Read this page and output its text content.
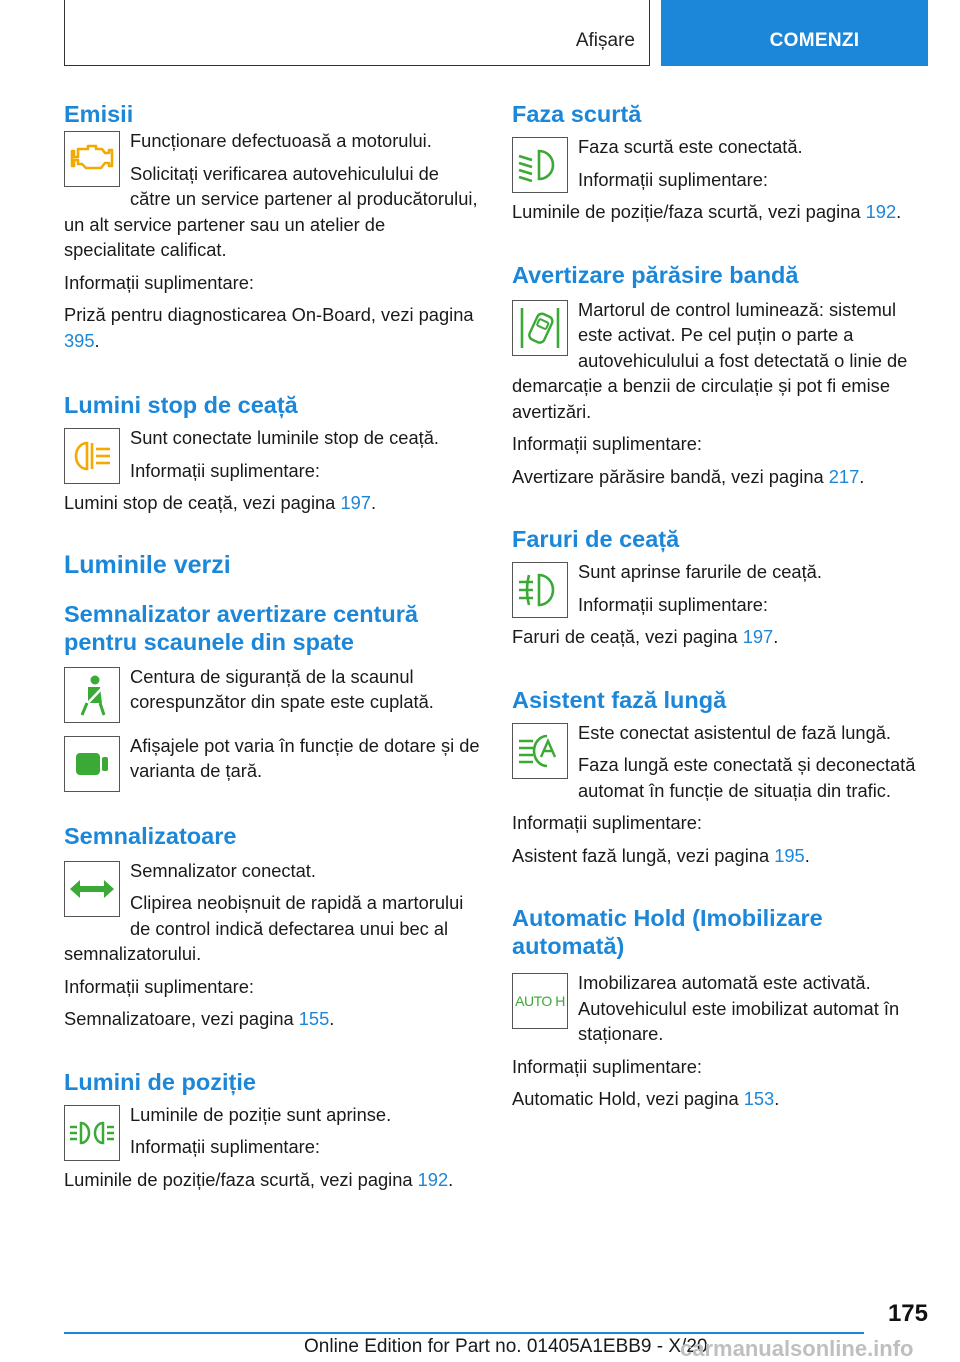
Afișare	COMENZI
Emisii

Funcționare defectuoasă a motorului.

Solicitați verificarea autovehiculului de către un service partener al producătorului, un alt service partener sau un atelier de specialitate calificat.

Informații suplimentare:

Priză pentru diagnosticarea On-Board, vezi pagina 395.

Lumini stop de ceață

Sunt conectate luminile stop de ceață.

Informații suplimentare:

Lumini stop de ceață, vezi pagina 197.

Luminile verzi
Semnalizator avertizare centură pentru scaunele din spate

Centura de siguranță de la scaunul corespunzător din spate este cuplată.

Afișajele pot varia în funcție de dotare și de varianta de țară.

Semnalizatoare

Semnalizator conectat.

Clipirea neobișnuit de rapidă a martorului de control indică defectarea unui bec al semnalizatorului.

Informații suplimentare:

Semnalizatoare, vezi pagina 155.

Lumini de poziție

Luminile de poziție sunt aprinse.

Informații suplimentare:

Luminile de poziție/faza scurtă, vezi pagina 192.

Faza scurtă

Faza scurtă este conectată.

Informații suplimentare:

Luminile de poziție/faza scurtă, vezi pagina 192.

Avertizare părăsire bandă

Martorul de control luminează: sistemul este activat. Pe cel puțin o parte a autovehiculului a fost detectată o linie de demarcație a benzii de circulație și pot fi emise avertizări.

Informații suplimentare:

Avertizare părăsire bandă, vezi pagina 217.

Faruri de ceață

Sunt aprinse farurile de ceață.

Informații suplimentare:

Faruri de ceață, vezi pagina 197.

Asistent fază lungă

Este conectat asistentul de fază lungă.

Faza lungă este conectată și deconectată automat în funcție de situația din trafic.

Informații suplimentare:

Asistent fază lungă, vezi pagina 195.

Automatic Hold (Imobilizare automată)
AUTO H

Imobilizarea automată este activată. Autovehiculul este imobilizat automat în staționare.

Informații suplimentare:

Automatic Hold, vezi pagina 153.

175
Online Edition for Part no. 01405A1EBB9 - X/20
carmanualsonline.info
